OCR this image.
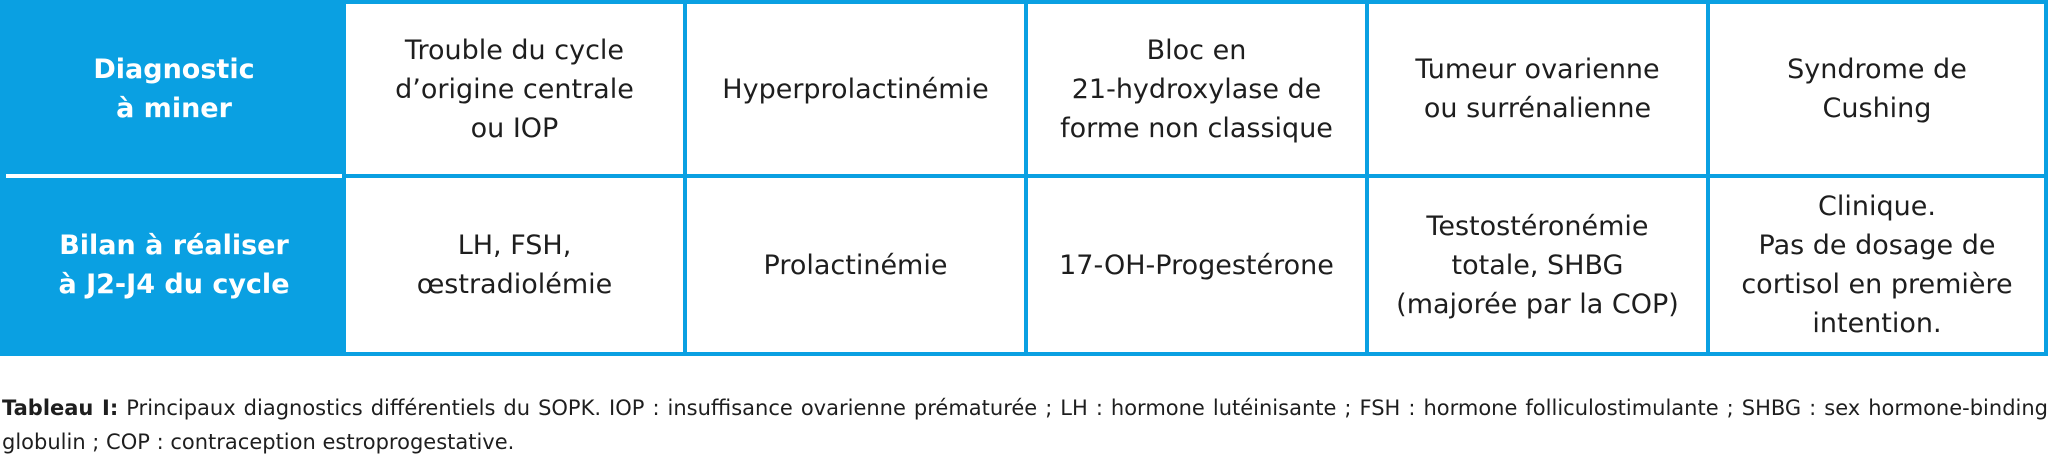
Diagnostic
à miner
Bilan à réaliser
à J2-J4 du cycle
Trouble du cycle
d’origine centrale
ou IOP
Hyperprolactinémie
Bloc en
21-hydroxylase de
forme non classique
Tumeur ovarienne
ou surrénalienne
Syndrome de
Cushing
LH, FSH,
œstradiolémie
Prolactinémie	17-OH-Progestérone
Testostéronémie
totale, SHBG
(majorée par la COP)
Clinique.
Pas de dosage de
cortisol en première
intention.
Tableau I: Principaux diagnostics différentiels du SOPK. IOP : insuffisance ovarienne prématurée ; LH : hormone lutéinisante ; FSH : hormone folliculostimulante ; SHBG : sex hormone-binding globulin ; COP : contraception estroprogestative.
